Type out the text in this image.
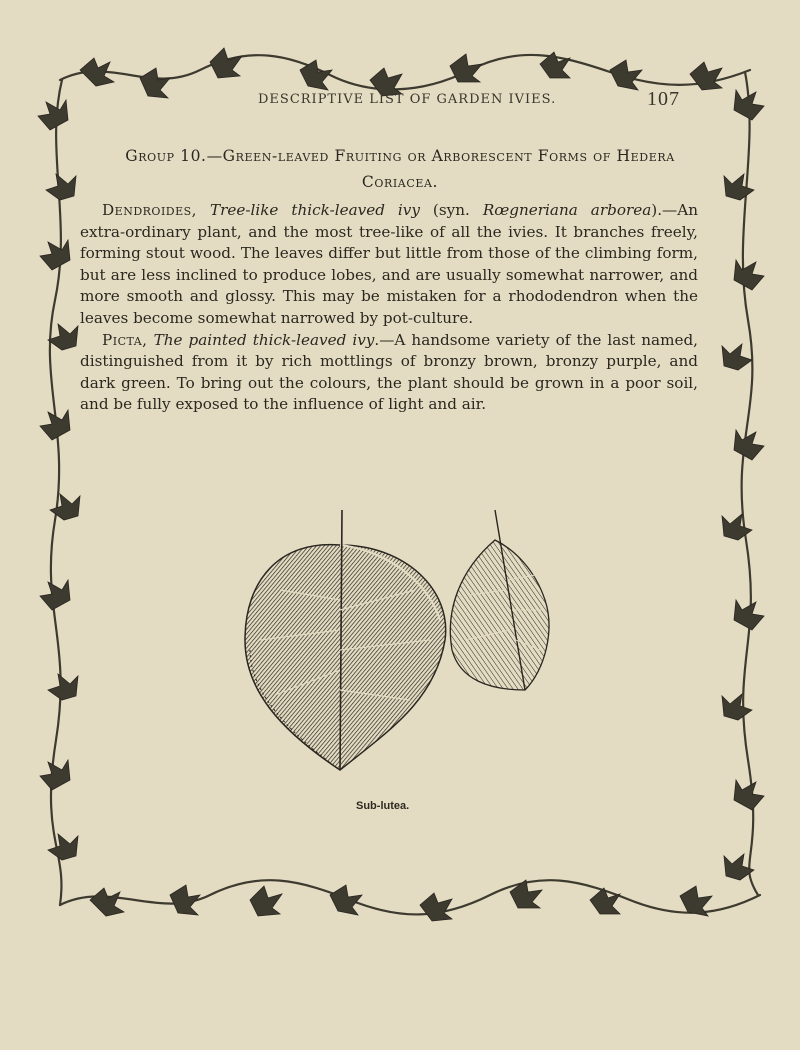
DESCRIPTIVE LIST OF GARDEN IVIES.	107
Group 10.—Green-leaved Fruiting or Arborescent Forms of Hedera
Coriacea.

Dendroides, Tree-like thick-leaved ivy (syn. Rœgneriana arborea).—An extra-ordinary plant, and the most tree-like of all the ivies. It branches freely, forming stout wood. The leaves differ but little from those of the climbing form, but are less inclined to produce lobes, and are usually somewhat narrower, and more smooth and glossy. This may be mistaken for a rhododendron when the leaves become somewhat narrowed by pot-culture.

Picta, The painted thick-leaved ivy.—A handsome variety of the last named, distinguished from it by rich mottlings of bronzy brown, bronzy purple, and dark green. To bring out the colours, the plant should be grown in a poor soil, and be fully exposed to the influence of light and air.

Sub-lutea.
